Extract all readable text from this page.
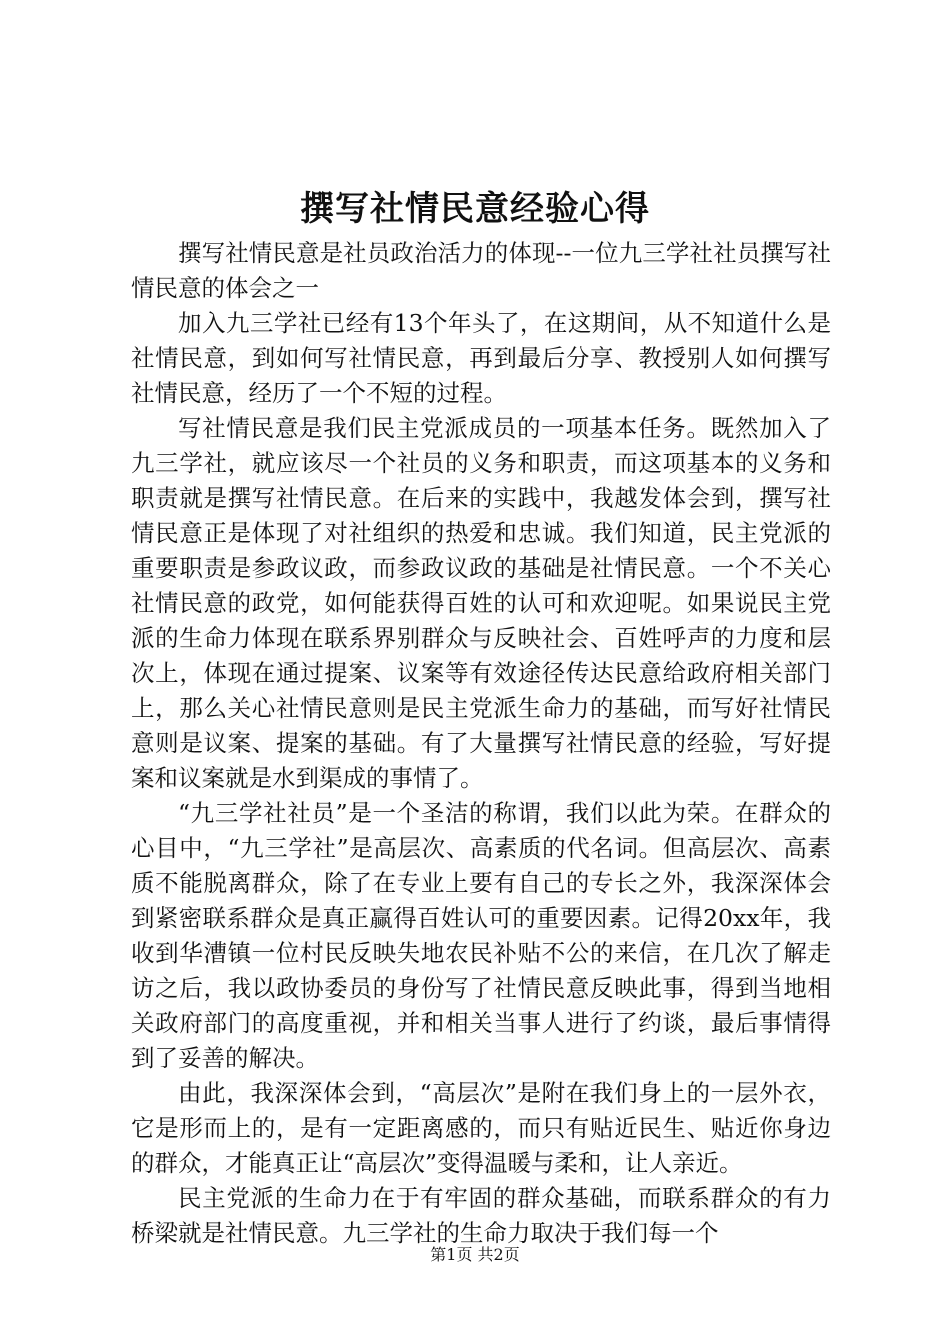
撰写社情民意经验心得

撰写社情民意是社员政治活力的体现--一位九三学社社员撰写社情民意的体会之一

加入九三学社已经有13个年头了，在这期间，从不知道什么是社情民意，到如何写社情民意，再到最后分享、教授别人如何撰写社情民意，经历了一个不短的过程。

写社情民意是我们民主党派成员的一项基本任务。既然加入了九三学社，就应该尽一个社员的义务和职责，而这项基本的义务和职责就是撰写社情民意。在后来的实践中，我越发体会到，撰写社情民意正是体现了对社组织的热爱和忠诚。我们知道，民主党派的重要职责是参政议政，而参政议政的基础是社情民意。一个不关心社情民意的政党，如何能获得百姓的认可和欢迎呢。如果说民主党派的生命力体现在联系界别群众与反映社会、百姓呼声的力度和层次上，体现在通过提案、议案等有效途径传达民意给政府相关部门上，那么关心社情民意则是民主党派生命力的基础，而写好社情民意则是议案、提案的基础。有了大量撰写社情民意的经验，写好提案和议案就是水到渠成的事情了。

“九三学社社员”是一个圣洁的称谓，我们以此为荣。在群众的心目中，“九三学社”是高层次、高素质的代名词。但高层次、高素质不能脱离群众，除了在专业上要有自己的专长之外，我深深体会到紧密联系群众是真正赢得百姓认可的重要因素。记得20xx年，我收到华漕镇一位村民反映失地农民补贴不公的来信，在几次了解走访之后，我以政协委员的身份写了社情民意反映此事，得到当地相关政府部门的高度重视，并和相关当事人进行了约谈，最后事情得到了妥善的解决。

由此，我深深体会到，“高层次”是附在我们身上的一层外衣，它是形而上的，是有一定距离感的，而只有贴近民生、贴近你身边的群众，才能真正让“高层次”变得温暖与柔和，让人亲近。

民主党派的生命力在于有牢固的群众基础，而联系群众的有力桥梁就是社情民意。九三学社的生命力取决于我们每一个

第1页 共2页
